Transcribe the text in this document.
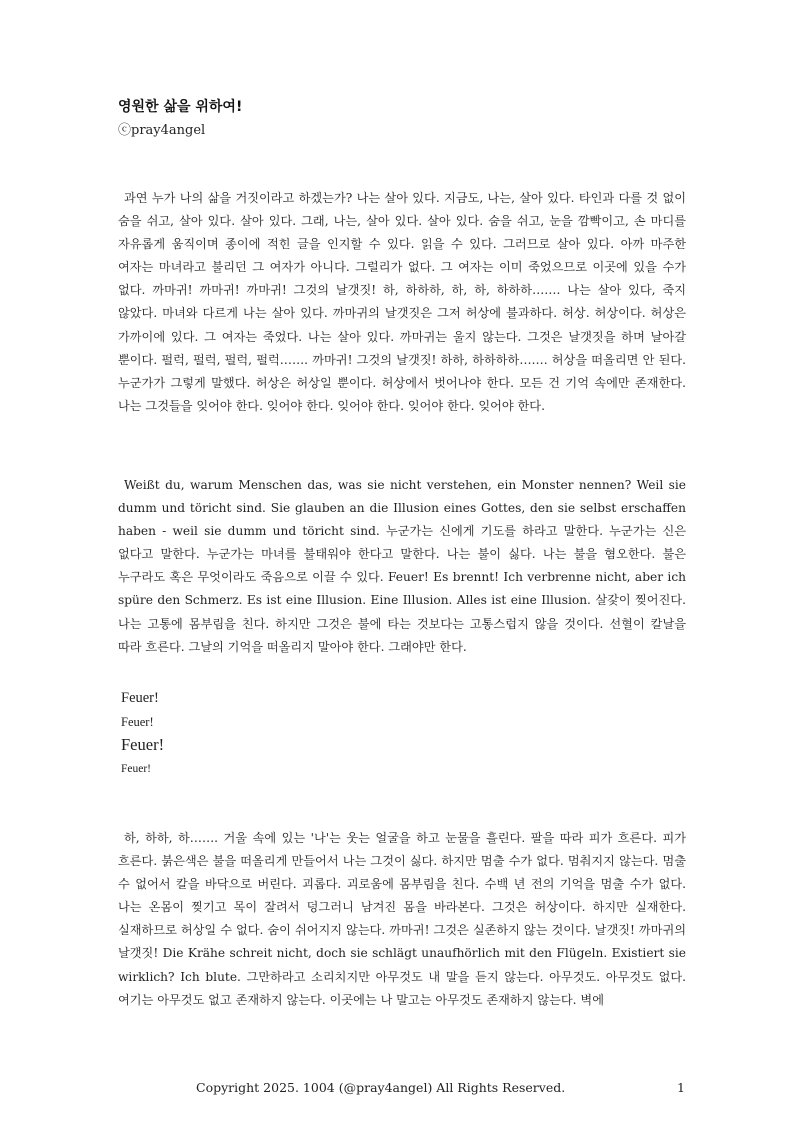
영원한 삶을 위하여!
ⓒpray4angel

과연 누가 나의 삶을 거짓이라고 하겠는가? 나는 살아 있다. 지금도, 나는, 살아 있다. 타인과 다를 것 없이 숨을 쉬고, 살아 있다. 살아 있다. 그래, 나는, 살아 있다. 살아 있다. 숨을 쉬고, 눈을 깜빡이고, 손 마디를 자유롭게 움직이며 종이에 적힌 글을 인지할 수 있다. 읽을 수 있다. 그러므로 살아 있다. 아까 마주한 여자는 마녀라고 불리던 그 여자가 아니다. 그럴리가 없다. 그 여자는 이미 죽었으므로 이곳에 있을 수가 없다. 까마귀! 까마귀! 까마귀! 그것의 날갯짓! 하, 하하하, 하, 하, 하하하……. 나는 살아 있다, 죽지 않았다. 마녀와 다르게 나는 살아 있다. 까마귀의 날갯짓은 그저 허상에 불과하다. 허상. 허상이다. 허상은 가까이에 있다. 그 여자는 죽었다. 나는 살아 있다. 까마귀는 울지 않는다. 그것은 날갯짓을 하며 날아갈 뿐이다. 펄럭, 펄럭, 펄럭, 펄럭……. 까마귀! 그것의 날갯짓! 하하, 하하하하……. 허상을 떠올리면 안 된다. 누군가가 그렇게 말했다. 허상은 허상일 뿐이다. 허상에서 벗어나야 한다. 모든 건 기억 속에만 존재한다. 나는 그것들을 잊어야 한다. 잊어야 한다. 잊어야 한다. 잊어야 한다. 잊어야 한다.

Weißt du, warum Menschen das, was sie nicht verstehen, ein Monster nennen? Weil sie dumm und töricht sind. Sie glauben an die Illusion eines Gottes, den sie selbst erschaffen haben - weil sie dumm und töricht sind. 누군가는 신에게 기도를 하라고 말한다. 누군가는 신은 없다고 말한다. 누군가는 마녀를 불태워야 한다고 말한다. 나는 불이 싫다. 나는 불을 혐오한다. 불은 누구라도 혹은 무엇이라도 죽음으로 이끌 수 있다. Feuer! Es brennt! Ich verbrenne nicht, aber ich spüre den Schmerz. Es ist eine Illusion. Eine Illusion. Alles ist eine Illusion. 살갗이 찢어진다. 나는 고통에 몸부림을 친다. 하지만 그것은 불에 타는 것보다는 고통스럽지 않을 것이다. 선혈이 칼날을 따라 흐른다. 그날의 기억을 떠올리지 말아야 한다. 그래야만 한다.

Feuer!
Feuer!
Feuer!
Feuer!

하, 하하, 하……. 거울 속에 있는 '나'는 웃는 얼굴을 하고 눈물을 흘린다. 팔을 따라 피가 흐른다. 피가 흐른다. 붉은색은 불을 떠올리게 만들어서 나는 그것이 싫다. 하지만 멈출 수가 없다. 멈춰지지 않는다. 멈출 수 없어서 칼을 바닥으로 버린다. 괴롭다. 괴로움에 몸부림을 친다. 수백 년 전의 기억을 멈출 수가 없다. 나는 온몸이 찢기고 목이 잘려서 덩그러니 남겨진 몸을 바라본다. 그것은 허상이다. 하지만 실재한다. 실재하므로 허상일 수 없다. 숨이 쉬어지지 않는다. 까마귀! 그것은 실존하지 않는 것이다. 날갯짓! 까마귀의 날갯짓! Die Krähe schreit nicht, doch sie schlägt unaufhörlich mit den Flügeln. Existiert sie wirklich? Ich blute. 그만하라고 소리치지만 아무것도 내 말을 듣지 않는다. 아무것도. 아무것도 없다. 여기는 아무것도 없고 존재하지 않는다. 이곳에는 나 말고는 아무것도 존재하지 않는다. 벽에

Copyright 2025. 1004 (@pray4angel) All Rights Reserved.	1
